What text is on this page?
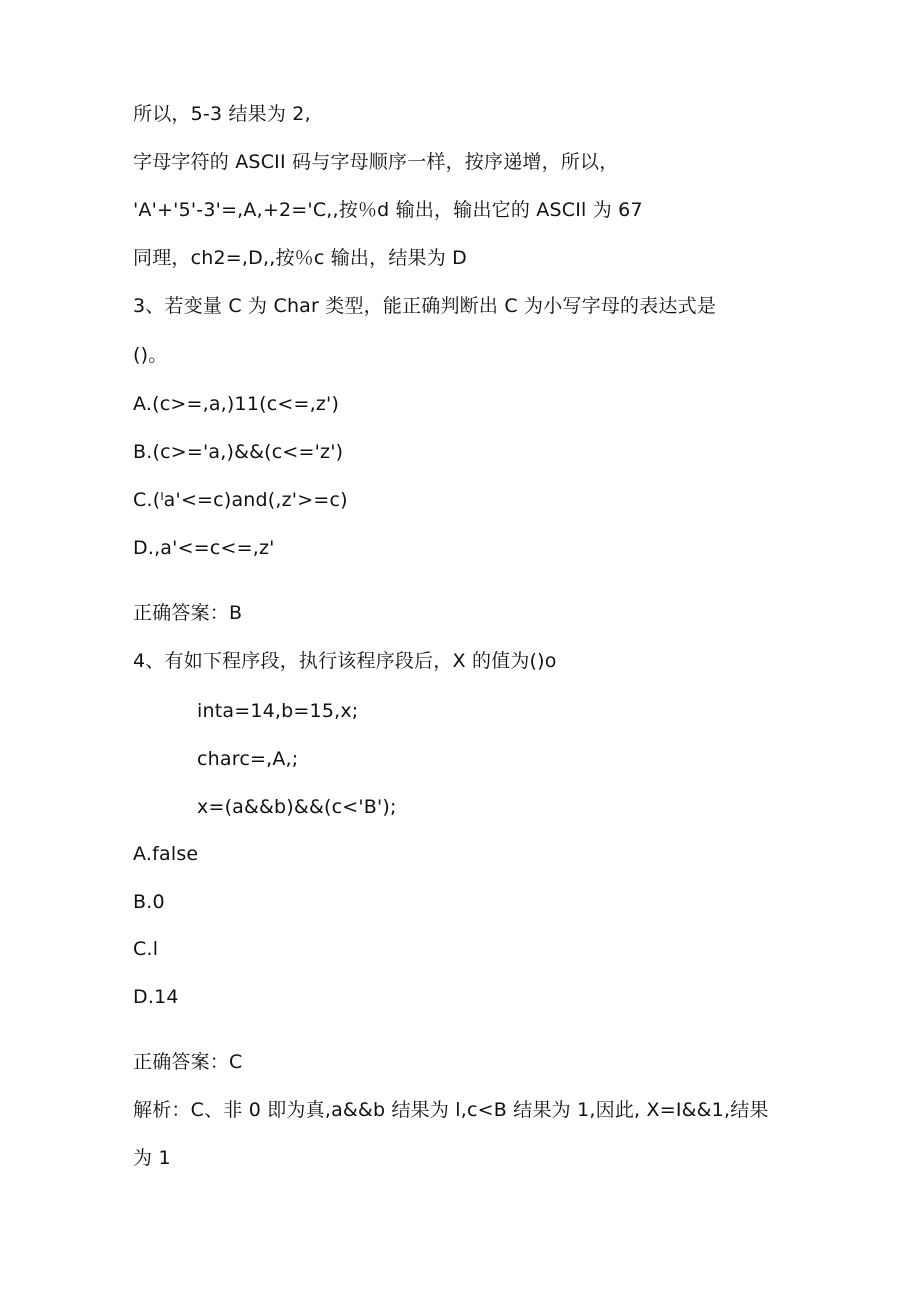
所以，5-3 结果为 2,
字母字符的 ASCII 码与字母顺序一样，按序递增，所以，
'A'+'5'-3'=,A,+2='C,,按％d 输出，输出它的 ASCIl 为 67
同理，ch2=,D,,按％c 输出，结果为 D
3、若变量 C 为 Char 类型，能正确判断出 C 为小写字母的表达式是
()。
A.(c>=,a,)11(c<=,z')
B.(c>='a,)&&(c<='z')
C.(ˡa'<=c)and(,z'>=c)
D.,a'<=c<=,z'
正确答案：B
4、有如下程序段，执行该程序段后，X 的值为()o
inta=14,b=15,x;
charc=,A,;
x=(a&&b)&&(c<'B');
A.false
B.0
C.l
D.14
正确答案：C
解析：C、非 0 即为真,a&&b 结果为 l,c<B 结果为 1,因此, X=I&&1,结果
为 1
